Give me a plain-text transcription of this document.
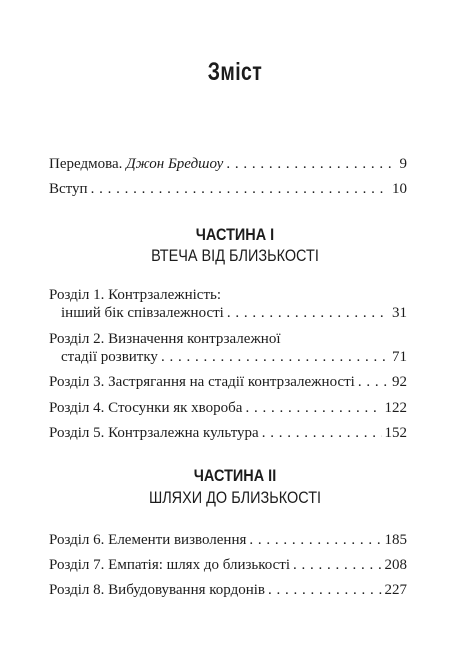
Зміст
Передмова. Джон Бредшоу . . .	9
Вступ . . .	10
ЧАСТИНА І
ВТЕЧА ВІД БЛИЗЬКОСТІ
Розділ 1. Контрзалежність:
інший бік співзалежності . . .	31
Розділ 2. Визначення контрзалежної
стадії розвитку . . .	71
Розділ 3. Застрягання на стадії контрзалежності . . . 92
Розділ 4. Стосунки як хвороба . . .	122
Розділ 5. Контрзалежна культура . . .	152
ЧАСТИНА ІІ
ШЛЯХИ ДО БЛИЗЬКОСТІ
Розділ 6. Елементи визволення . . .	185
Розділ 7. Емпатія: шлях до близькості . . .	208
Розділ 8. Вибудовування кордонів . . .	227
